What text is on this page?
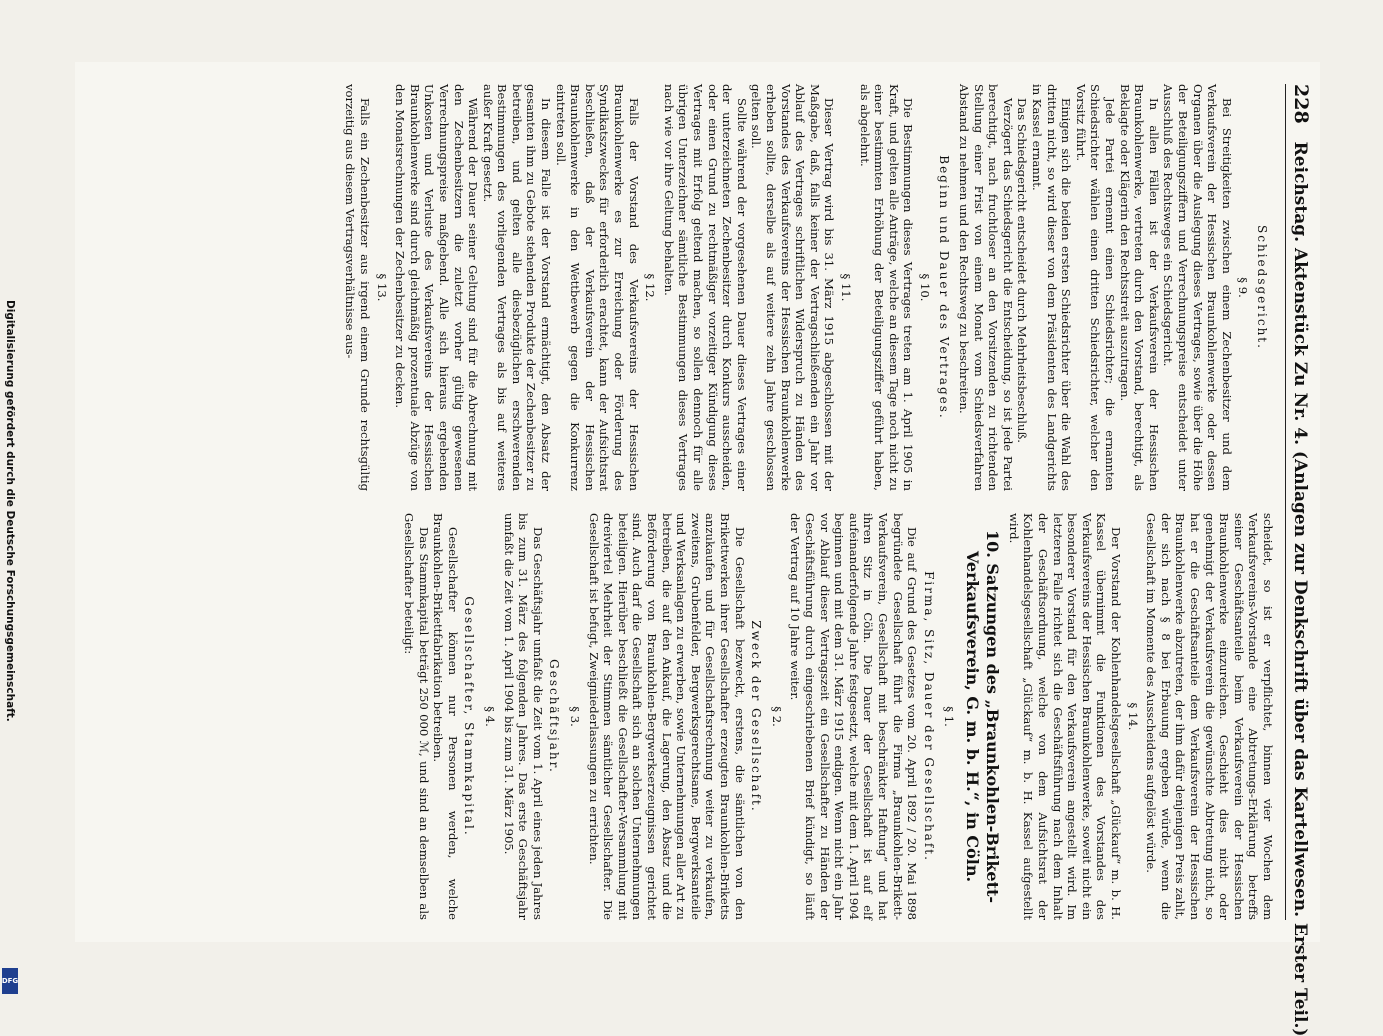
228
Reichstag. Aktenstück Zu Nr. 4. (Anlagen zur Denkschrift über das Kartellwesen. Erster Teil.)
Schiedsgericht.
§ 9.

Bei Streitigkeiten zwischen einem Zechenbesitzer und dem Verkaufsverein der Hessischen Braunkohlenwerke oder dessen Organen über die Auslegung dieses Vertrages, sowie über die Höhe der Beteiligungsziffern und Verrechnungspreise entscheidet unter Ausschluß des Rechtsweges ein Schiedsgericht.

In allen Fällen ist der Verkaufsverein der Hessischen Braunkohlenwerke, vertreten durch den Vorstand, berechtigt, als Beklagte oder Klägerin den Rechtsstreit auszutragen.

Jede Partei ernennt einen Schiedsrichter; die ernannten Schiedsrichter wählen einen dritten Schiedsrichter, welcher den Vorsitz führt.

Einigen sich die beiden ersten Schiedsrichter über die Wahl des dritten nicht, so wird dieser von dem Präsidenten des Landgerichts in Kassel ernannt.

Das Schiedsgericht entscheidet durch Mehrheitsbeschluß.

Verzögert das Schiedsgericht die Entscheidung, so ist jede Partei berechtigt, nach fruchtloser an den Vorsitzenden zu richtenden Stellung einer Frist von einem Monat vom Schiedsverfahren Abstand zu nehmen und den Rechtsweg zu beschreiten.

Beginn und Dauer des Vertrages.
§ 10.

Die Bestimmungen dieses Vertrages treten am 1. April 1905 in Kraft, und gelten alle Anträge, welche an diesem Tage noch nicht zu einer bestimmten Erhöhung der Beteiligungsziffer geführt haben, als abgelehnt.

§ 11.

Dieser Vertrag wird bis 31. März 1915 abgeschlossen mit der Maßgabe, daß, falls keiner der Vertragschließenden ein Jahr vor Ablauf des Vertrages schriftlichen Widerspruch zu Händen des Vorstandes des Verkaufsvereins der Hessischen Braunkohlenwerke erheben sollte, derselbe als auf weitere zehn Jahre geschlossen gelten soll.

Sollte während der vorgesehenen Dauer dieses Vertrages einer der unterzeichneten Zechenbesitzer durch Konkurs ausscheiden, oder einen Grund zu rechtmäßiger vorzeitiger Kündigung dieses Vertrages mit Erfolg geltend machen, so sollen dennoch für alle übrigen Unterzeichner sämtliche Bestimmungen dieses Vertrages nach wie vor ihre Geltung behalten.

§ 12.

Falls der Vorstand des Verkaufsvereins der Hessischen Braunkohlenwerke es zur Erreichung oder Förderung des Syndikatszweckes für erforderlich erachtet, kann der Aufsichtsrat beschließen, daß der Verkaufsverein der Hessischen Braunkohlenwerke in den Wettbewerb gegen die Konkurrenz eintreten soll.

In diesem Falle ist der Vorstand ermächtigt, den Absatz der gesamten ihm zu Gebote stehenden Produkte der Zechenbesitzer zu betreiben, und gelten alle diesbezüglichen erschwerenden Bestimmungen des vorliegenden Vertrages als bis auf weiteres außer Kraft gesetzt.

Während der Dauer seiner Geltung sind für die Abrechnung mit den Zechenbesitzern die zuletzt vorher gültig gewesenen Verrechnungspreise maßgebend. Alle sich hieraus ergebenden Unkosten und Verluste des Verkaufsvereins der Hessischen Braunkohlenwerke sind durch gleichmäßig prozentuale Abzüge von den Monatsrechnungen der Zechenbesitzer zu decken.

§ 13.

Falls ein Zechenbesitzer aus irgend einem Grunde rechtsgültig vorzeitig aus diesem Vertragsverhältnisse aus-

scheidet, so ist er verpflichtet, binnen vier Wochen dem Verkaufsvereins-Vorstande eine Abtretungs-Erklärung betreffs seiner Geschäftsanteile beim Verkaufsverein der Hessischen Braunkohlenwerke einzureichen. Geschieht dies nicht oder genehmigt der Verkaufsverein die gewünschte Abtretung nicht, so hat er die Geschäftsanteile dem Verkaufsverein der Hessischen Braunkohlenwerke abzutreten, der ihm dafür denjenigen Preis zahlt, der sich nach § 8 bei Erbauung ergeben würde, wenn die Gesellschaft im Momente des Ausscheidens aufgelöst würde.

§ 14.

Der Vorstand der Kohlenhandelsgesellschaft „Glückauf“ m. b. H. Kassel übernimmt die Funktionen des Vorstandes des Verkaufsvereins der Hessischen Braunkohlenwerke, soweit nicht ein besonderer Vorstand für den Verkaufsverein angestellt wird. Im letzteren Falle richtet sich die Geschäftsführung nach dem Inhalt der Geschäftsordnung, welche von dem Aufsichtsrat der Kohlenhandelsgesellschaft „Glückauf“ m. b. H. Kassel aufgestellt wird.

10. Satzungen des „Braunkohlen-Brikett-Verkaufsverein, G. m. b. H.“, in Cöln.
§ 1.
Firma, Sitz, Dauer der Gesellschaft.

Die auf Grund des Gesetzes vom 20. April 1892 / 20. Mai 1898 begründete Gesellschaft führt die Firma „Braunkohlen-Brikett-Verkaufsverein, Gesellschaft mit beschränkter Haftung“ und hat ihren Sitz in Cöln. Die Dauer der Gesellschaft ist auf elf aufeinanderfolgende Jahre festgesetzt, welche mit dem 1. April 1904 beginnen und mit dem 31. März 1915 endigen. Wenn nicht ein Jahr vor Ablauf dieser Vertragszeit ein Gesellschafter zu Händen der Geschäftsführung durch eingeschriebenen Brief kündigt, so läuft der Vertrag auf 10 Jahre weiter.

§ 2.
Zweck der Gesellschaft.

Die Gesellschaft bezweckt, erstens, die sämtlichen von den Brikettwerken ihrer Gesellschafter erzeugten Braunkohlen-Briketts anzukaufen und für Gesellschaftsrechnung weiter zu verkaufen, zweitens, Grubenfelder, Bergwerksgerechtsame, Bergwerksanteile und Werksanlagen zu erwerben, sowie Unternehmungen aller Art zu betreiben, die auf den Ankauf, die Lagerung, den Absatz und die Beförderung von Braunkohlen-Bergwerkserzeugnissen gerichtet sind. Auch darf die Gesellschaft sich an solchen Unternehmungen beteiligen. Hierüber beschließt die Gesellschafter-Versammlung mit dreiviertel Mehrheit der Stimmen sämtlicher Gesellschafter. Die Gesellschaft ist befugt, Zweigniederlassungen zu errichten.

§ 3.
Geschäftsjahr.

Das Geschäftsjahr umfaßt die Zeit vom 1. April eines jeden Jahres bis zum 31. März des folgenden Jahres. Das erste Geschäftsjahr umfaßt die Zeit vom 1. April 1904 bis zum 31. März 1905.

§ 4.
Gesellschafter, Stammkapital.

Gesellschafter können nur Personen werden, welche Braunkohlen-Brikettfabrikation betreiben.

Das Stammkapital beträgt 250 000 ℳ, und sind an demselben als Gesellschafter beteiligt:

Digitalisierung gefördert durch die Deutsche Forschungsgemeinschaft.
DFG
